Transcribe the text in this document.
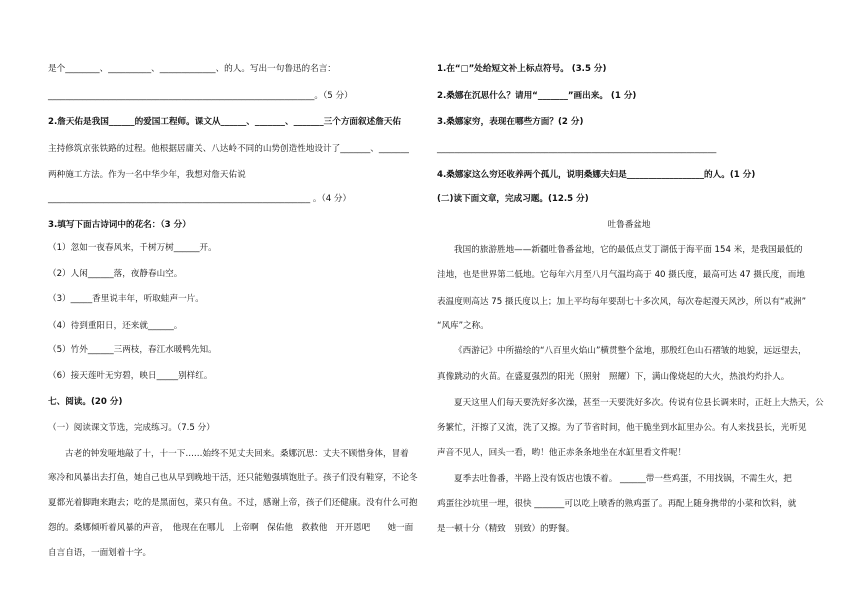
是个________、__________、_____________、的人。写出一句鲁迅的名言：
______________________________________________________________。（5 分）
2.詹天佑是我国______的爱国工程师。课文从______、_______、_______三个方面叙述詹天佑
主持修筑京张铁路的过程。他根据居庸关、八达岭不同的山势创造性地设计了_______、_______
两种施工方法。作为一名中华少年，我想对詹天佑说
_____________________________________________________________ 。（4 分）
3.填写下面古诗词中的花名：（3 分）
（1）忽如一夜春风来，千树万树______开。
（2）人闲______落，夜静春山空。
（3）_____香里说丰年，听取蛙声一片。
（4）待到重阳日，还来就______。
（5）竹外______三两枝，春江水暖鸭先知。
（6）接天莲叶无穷碧，映日_____别样红。
七、阅读。(20 分)
（一）阅读课文节选，完成练习。（7.5 分）
古老的钟发哑地敲了十，十一下……始终不见丈夫回来。桑娜沉思：丈夫不顾惜身体，冒着
寒冷和风暴出去打鱼，她自己也从早到晚地干活，还只能勉强填饱肚子。孩子们没有鞋穿，不论冬
夏都光着脚跑来跑去；吃的是黑面包，菜只有鱼。不过，感谢上帝，孩子们还健康。没有什么可抱
怨的。桑娜倾听着风暴的声音，　他现在在哪儿　上帝啊　保佑他　救救他　开开恩吧　　她一面
自言自语，一面划着十字。
1.在“□”处给短文补上标点符号。 (3.5 分)
2.桑娜在沉思什么？请用“_______”画出来。 (1 分)
3.桑娜家穷，表现在哪些方面？(2 分)
_________________________________________________________________
4.桑娜家这么穷还收养两个孤儿，说明桑娜夫妇是__________________的人。(1 分)
(二)读下面文章，完成习题。(12.5 分)
吐鲁番盆地
我国的旅游胜地——新疆吐鲁番盆地，它的最低点艾丁湖低于海平面 154 米，是我国最低的
洼地，也是世界第二低地。它每年六月至八月气温均高于 40 摄氏度，最高可达 47 摄氏度，而地
表温度则高达 75 摄氏度以上；加上平均每年要刮七十多次风，每次卷起漫天风沙，所以有“戒洲”
“风库”之称。
《西游记》中所描绘的“八百里火焰山”横贯整个盆地，那殷红色山石褶皱的地貌，远远望去，
真像跳动的火苗。在盛夏强烈的阳光（照射　照耀）下，满山像烧起的大火，热浪灼灼扑人。
夏天这里人们每天要洗好多次澡，甚至一天要洗好多次。传说有位县长调来时，正赶上大热天，公
务繁忙，汗擦了又流，洗了又擦。为了节省时间，他干脆坐到水缸里办公。有人来找县长，光听见
声音不见人，回头一看，哟！他正赤条条地坐在水缸里看文件呢！
夏季去吐鲁番，半路上没有饭店也饿不着。 ______带一些鸡蛋，不用找锅，不需生火，把
鸡蛋往沙坑里一埋，很快 _______可以吃上喷香的熟鸡蛋了。再配上随身携带的小菜和饮料，就
是一顿十分（精致　别致）的野餐。
